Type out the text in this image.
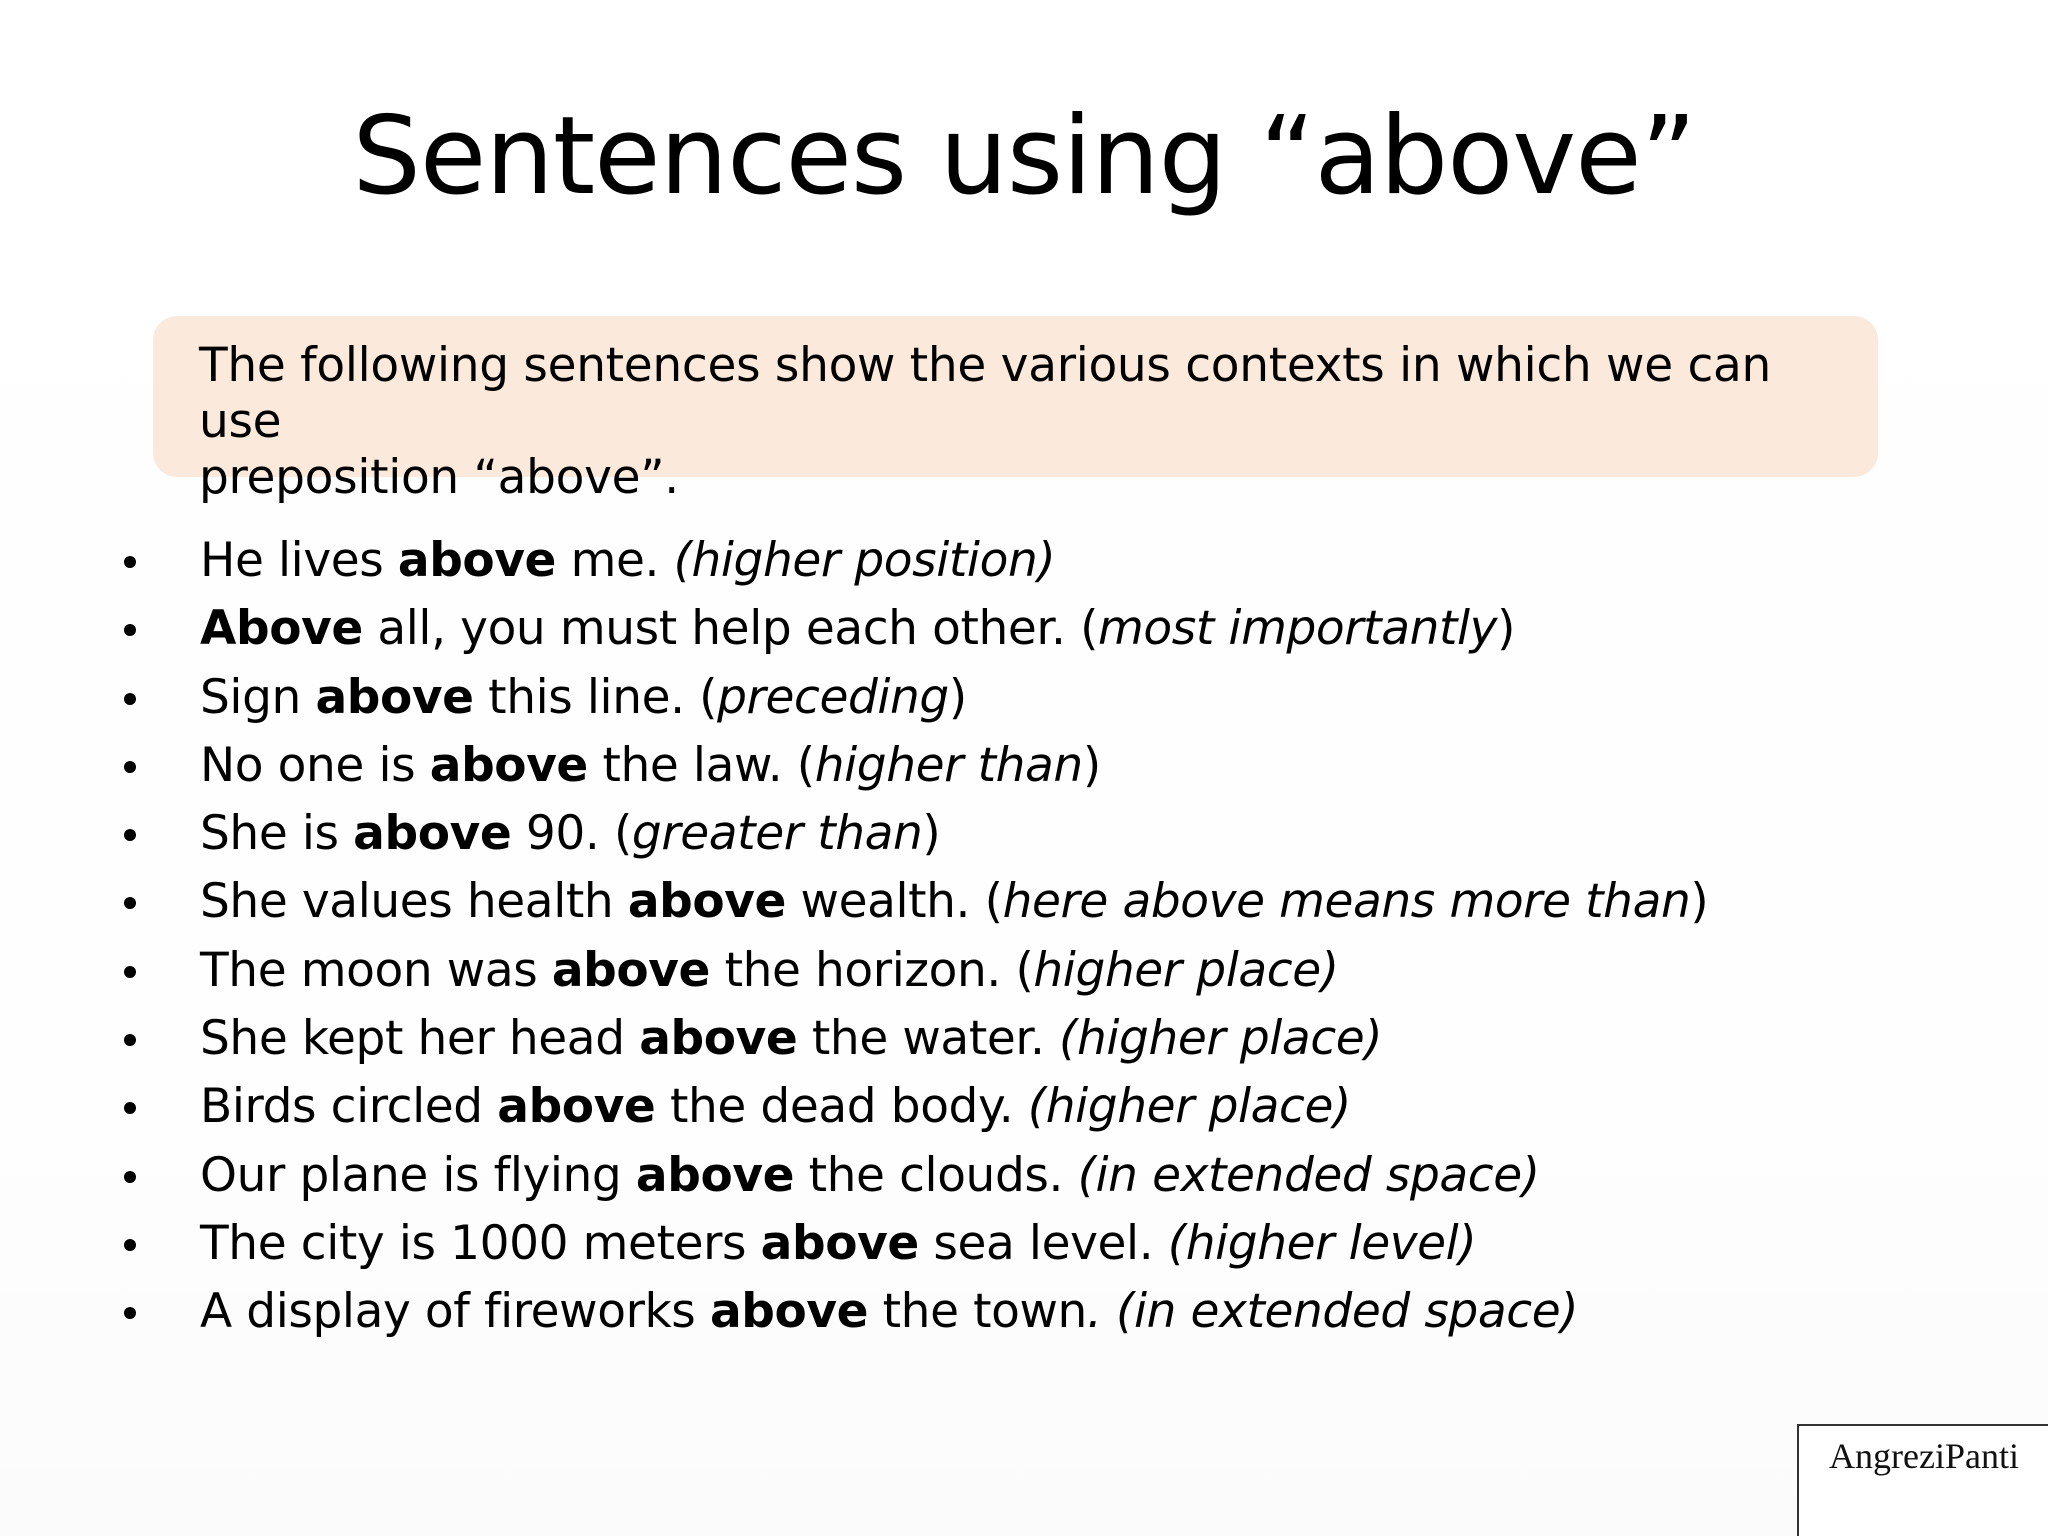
Sentences using “above”

The following sentences show the various contexts in which we can use
preposition “above”.

He lives above me. (higher position)
Above all, you must help each other. (most importantly)
Sign above this line. (preceding)
No one is above the law. (higher than)
She is above 90. (greater than)
She values health above wealth. (here above means more than)
The moon was above the horizon. (higher place)
She kept her head above the water. (higher place)
Birds circled above the dead body. (higher place)
Our plane is flying above the clouds. (in extended space)
The city is 1000 meters above sea level. (higher level)
A display of fireworks above the town. (in extended space)
AngreziPanti
